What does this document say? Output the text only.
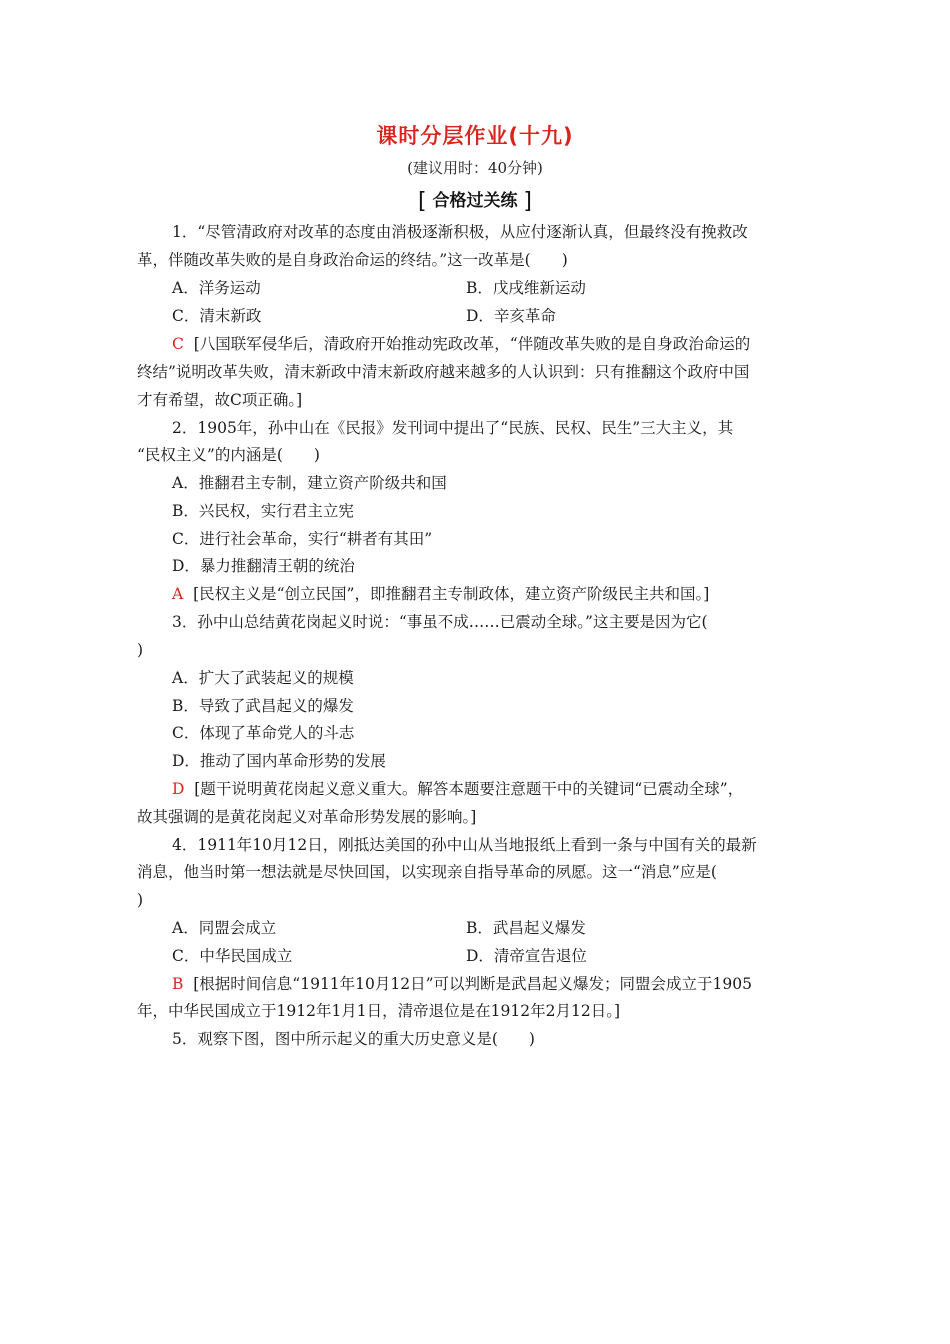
课时分层作业(十九)
(建议用时：40分钟)
[ 合格过关练 ]
1．“尽管清政府对改革的态度由消极逐渐积极，从应付逐渐认真，但最终没有挽救改
革，伴随改革失败的是自身政治命运的终结。”这一改革是(　　)
A．洋务运动	B．戊戌维新运动
C．清末新政	D．辛亥革命
C [八国联军侵华后，清政府开始推动宪政改革，“伴随改革失败的是自身政治命运的
终结”说明改革失败，清末新政中清末新政府越来越多的人认识到：只有推翻这个政府中国
才有希望，故C项正确。]
2．1905年，孙中山在《民报》发刊词中提出了“民族、民权、民生”三大主义，其
“民权主义”的内涵是(　　)
A．推翻君主专制，建立资产阶级共和国
B．兴民权，实行君主立宪
C．进行社会革命，实行“耕者有其田”
D．暴力推翻清王朝的统治
A [民权主义是“创立民国”，即推翻君主专制政体，建立资产阶级民主共和国。]
3．孙中山总结黄花岗起义时说：“事虽不成……已震动全球。”这主要是因为它(
)
A．扩大了武装起义的规模
B．导致了武昌起义的爆发
C．体现了革命党人的斗志
D．推动了国内革命形势的发展
D [题干说明黄花岗起义意义重大。解答本题要注意题干中的关键词“已震动全球”，
故其强调的是黄花岗起义对革命形势发展的影响。]
4．1911年10月12日，刚抵达美国的孙中山从当地报纸上看到一条与中国有关的最新
消息，他当时第一想法就是尽快回国，以实现亲自指导革命的夙愿。这一“消息”应是(
)
A．同盟会成立	B．武昌起义爆发
C．中华民国成立	D．清帝宣告退位
B [根据时间信息“1911年10月12日”可以判断是武昌起义爆发；同盟会成立于1905
年，中华民国成立于1912年1月1日，清帝退位是在1912年2月12日。]
5．观察下图，图中所示起义的重大历史意义是(　　)
